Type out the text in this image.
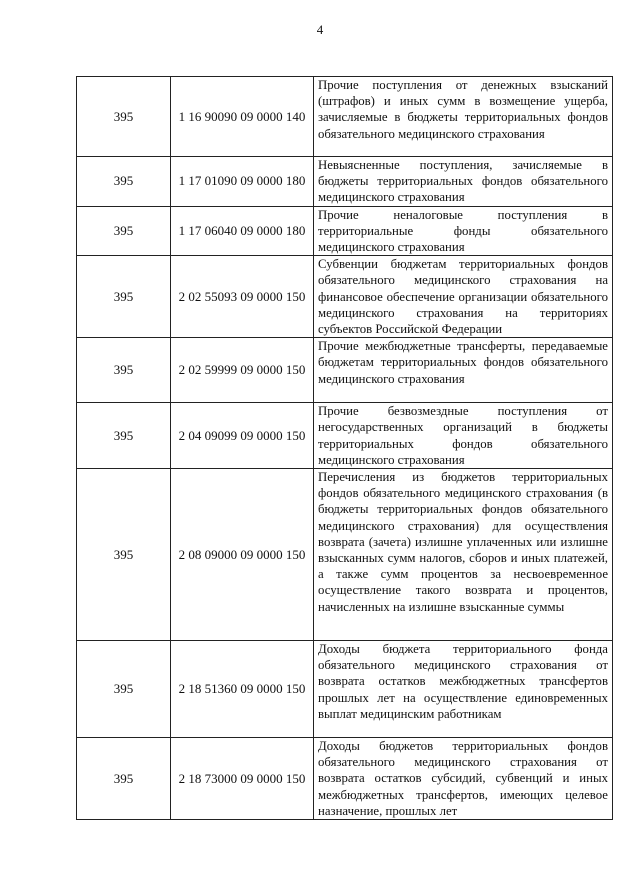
4
395	1 16 90090 09 0000 140	Прочие поступления от денежных взысканий (штрафов) и иных сумм в возмещение ущерба, зачисляемые в бюджеты территориальных фондов обязательного медицинского страхования

395	1 17 01090 09 0000 180	Невыясненные поступления, зачисляемые в бюджеты территориальных фондов обязательного медицинского страхования

395	1 17 06040 09 0000 180	Прочие неналоговые поступления в территориальные фонды обязательного медицинского страхования

395	2 02 55093 09 0000 150	Субвенции бюджетам территориальных фондов обязательного медицинского страхования на финансовое обеспечение организации обязательного медицинского страхования на территориях субъектов Российской Федерации

395	2 02 59999 09 0000 150	Прочие межбюджетные трансферты, передаваемые бюджетам территориальных фондов обязательного медицинского страхования

395	2 04 09099 09 0000 150	Прочие безвозмездные поступления от негосударственных организаций в бюджеты территориальных фондов обязательного медицинского страхования

395	2 08 09000 09 0000 150	Перечисления из бюджетов территориальных фондов обязательного медицинского страхования (в бюджеты территориальных фондов обязательного медицинского страхования) для осуществления возврата (зачета) излишне уплаченных или излишне взысканных сумм налогов, сборов и иных платежей, а также сумм процентов за несвоевременное осуществление такого возврата и процентов, начисленных на излишне взысканные суммы

395	2 18 51360 09 0000 150	Доходы бюджета территориального фонда обязательного медицинского страхования от возврата остатков межбюджетных трансфертов прошлых лет на осуществление единовременных выплат медицинским работникам

395	2 18 73000 09 0000 150	Доходы бюджетов территориальных фондов обязательного медицинского страхования от возврата остатков субсидий, субвенций и иных межбюджетных трансфертов, имеющих целевое назначение, прошлых лет
